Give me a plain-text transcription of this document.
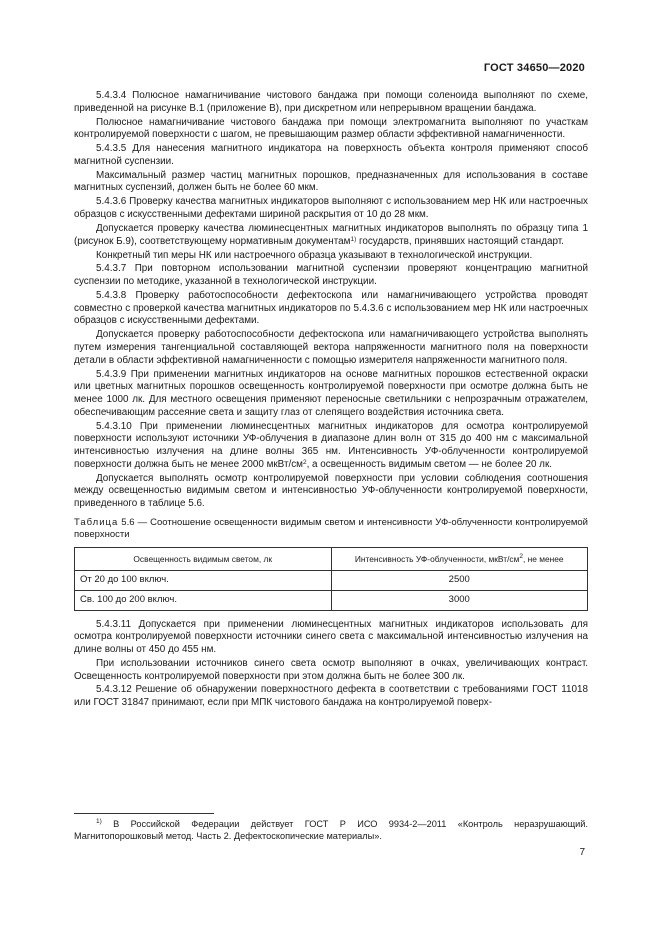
ГОСТ 34650—2020

5.4.3.4 Полюсное намагничивание чистового бандажа при помощи соленоида выполняют по схеме, приведенной на рисунке В.1 (приложение В), при дискретном или непрерывном вращении бандажа.

Полюсное намагничивание чистового бандажа при помощи электромагнита выполняют по участкам контролируемой поверхности с шагом, не превышающим размер области эффективной намагниченности.

5.4.3.5 Для нанесения магнитного индикатора на поверхность объекта контроля применяют способ магнитной суспензии.

Максимальный размер частиц магнитных порошков, предназначенных для использования в составе магнитных суспензий, должен быть не более 60 мкм.

5.4.3.6 Проверку качества магнитных индикаторов выполняют с использованием мер НК или настроечных образцов с искусственными дефектами шириной раскрытия от 10 до 28 мкм.

Допускается проверку качества люминесцентных магнитных индикаторов выполнять по образцу типа 1 (рисунок Б.9), соответствующему нормативным документам$^{1)}$ государств, принявших настоящий стандарт.

Конкретный тип меры НК или настроечного образца указывают в технологической инструкции.

5.4.3.7 При повторном использовании магнитной суспензии проверяют концентрацию магнитной суспензии по методике, указанной в технологической инструкции.

5.4.3.8 Проверку работоспособности дефектоскопа или намагничивающего устройства проводят совместно с проверкой качества магнитных индикаторов по 5.4.3.6 с использованием мер НК или настроечных образцов с искусственными дефектами.

Допускается проверку работоспособности дефектоскопа или намагничивающего устройства выполнять путем измерения тангенциальной составляющей вектора напряженности магнитного поля на поверхности детали в области эффективной намагниченности с помощью измерителя напряженности магнитного поля.

5.4.3.9 При применении магнитных индикаторов на основе магнитных порошков естественной окраски или цветных магнитных порошков освещенность контролируемой поверхности при осмотре должна быть не менее 1000 лк. Для местного освещения применяют переносные светильники с непрозрачным отражателем, обеспечивающим рассеяние света и защиту глаз от слепящего воздействия источника света.

5.4.3.10 При применении люминесцентных магнитных индикаторов для осмотра контролируемой поверхности используют источники УФ-облучения в диапазоне длин волн от 315 до 400 нм с максимальной интенсивностью излучения на длине волны 365 нм. Интенсивность УФ-облученности контролируемой поверхности должна быть не менее 2000 мкВт/$см^2$, а освещенность видимым светом — не более 20 лк.

Допускается выполнять осмотр контролируемой поверхности при условии соблюдения соотношения между освещенностью видимым светом и интенсивностью УФ-облученности контролируемой поверхности, приведенного в таблице 5.6.

Таблица 5.6 — Соотношение освещенности видимым светом и интенсивности УФ-облученности контролируемой поверхности

Освещенность видимым светом, лк	Интенсивность УФ-облученности, мкВт/$см^2$, не менее
От 20 до 100 включ.	2500
Св. 100 до 200 включ.	3000

5.4.3.11 Допускается при применении люминесцентных магнитных индикаторов использовать для осмотра контролируемой поверхности источники синего света с максимальной интенсивностью излучения на длине волны от 450 до 455 нм.

При использовании источников синего света осмотр выполняют в очках, увеличивающих контраст. Освещенность контролируемой поверхности при этом должна быть не более 300 лк.

5.4.3.12 Решение об обнаружении поверхностного дефекта в соответствии с требованиями ГОСТ 11018 или ГОСТ 31847 принимают, если при МПК чистового бандажа на контролируемой поверх-

$^{1)}$ В Российской Федерации действует ГОСТ Р ИСО 9934-2—2011 «Контроль неразрушающий. Магнитопорошковый метод. Часть 2. Дефектоскопические материалы».
7
